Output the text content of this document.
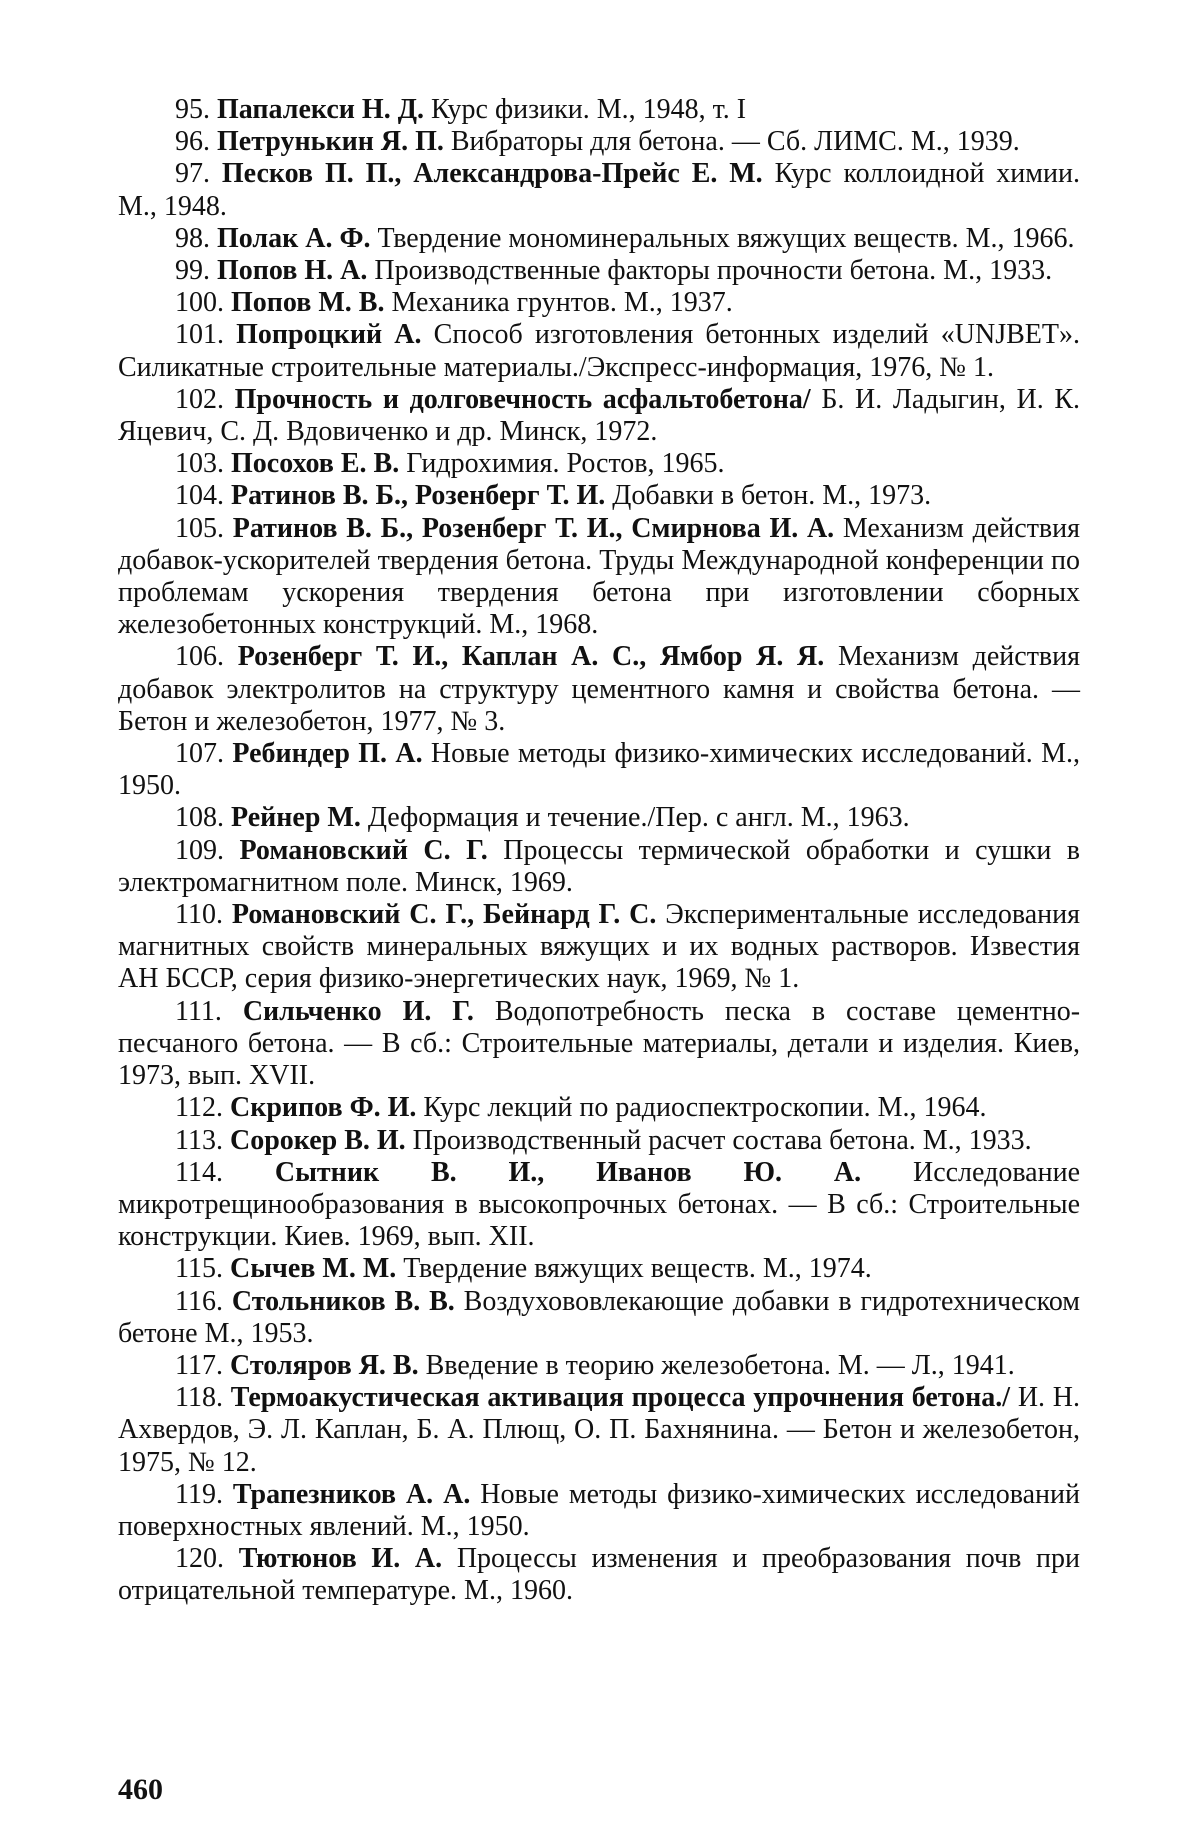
95. Папалекси Н. Д. Курс физики. М., 1948, т. I

96. Петрунькин Я. П. Вибраторы для бетона. — Сб. ЛИМС. М., 1939.

97. Песков П. П., Александрова-Прейс Е. М. Курс коллоидной химии. М., 1948.

98. Полак А. Ф. Твердение мономинеральных вяжущих веществ. М., 1966.

99. Попов Н. А. Производственные факторы прочности бетона. М., 1933.

100. Попов М. В. Механика грунтов. М., 1937.

101. Попроцкий А. Способ изготовления бетонных изделий «UNJBET». Силикатные строительные материалы./Экспресс-информация, 1976, № 1.

102. Прочность и долговечность асфальтобетона/ Б. И. Ладыгин, И. К. Яцевич, С. Д. Вдовиченко и др. Минск, 1972.

103. Посохов Е. В. Гидрохимия. Ростов, 1965.

104. Ратинов В. Б., Розенберг Т. И. Добавки в бетон. М., 1973.

105. Ратинов В. Б., Розенберг Т. И., Смирнова И. А. Механизм действия добавок-ускорителей твердения бетона. Труды Международной конференции по проблемам ускорения твердения бетона при изготовлении сборных железобетонных конструкций. М., 1968.

106. Розенберг Т. И., Каплан А. С., Ямбор Я. Я. Механизм действия добавок электролитов на структуру цементного камня и свойства бетона. — Бетон и железобетон, 1977, № 3.

107. Ребиндер П. А. Новые методы физико-химических исследований. М., 1950.

108. Рейнер М. Деформация и течение./Пер. с англ. М., 1963.

109. Романовский С. Г. Процессы термической обработки и сушки в электромагнитном поле. Минск, 1969.

110. Романовский С. Г., Бейнард Г. С. Экспериментальные исследования магнитных свойств минеральных вяжущих и их водных растворов. Известия АН БССР, серия физико-энергетических наук, 1969, № 1.

111. Сильченко И. Г. Водопотребность песка в составе цементно-песчаного бетона. — В сб.: Строительные материалы, детали и изделия. Киев, 1973, вып. XVII.

112. Скрипов Ф. И. Курс лекций по радиоспектроскопии. М., 1964.

113. Сорокер В. И. Производственный расчет состава бетона. М., 1933.

114. Сытник В. И., Иванов Ю. А. Исследование микротрещинообразования в высокопрочных бетонах. — В сб.: Строительные конструкции. Киев. 1969, вып. XII.

115. Сычев М. М. Твердение вяжущих веществ. М., 1974.

116. Стольников В. В. Воздухововлекающие добавки в гидротехническом бетоне М., 1953.

117. Столяров Я. В. Введение в теорию железобетона. М. — Л., 1941.

118. Термоакустическая активация процесса упрочнения бетона./ И. Н. Ахвердов, Э. Л. Каплан, Б. А. Плющ, О. П. Бахнянина. — Бетон и железобетон, 1975, № 12.

119. Трапезников А. А. Новые методы физико-химических исследований поверхностных явлений. М., 1950.

120. Тютюнов И. А. Процессы изменения и преобразования почв при отрицательной температуре. М., 1960.

460
